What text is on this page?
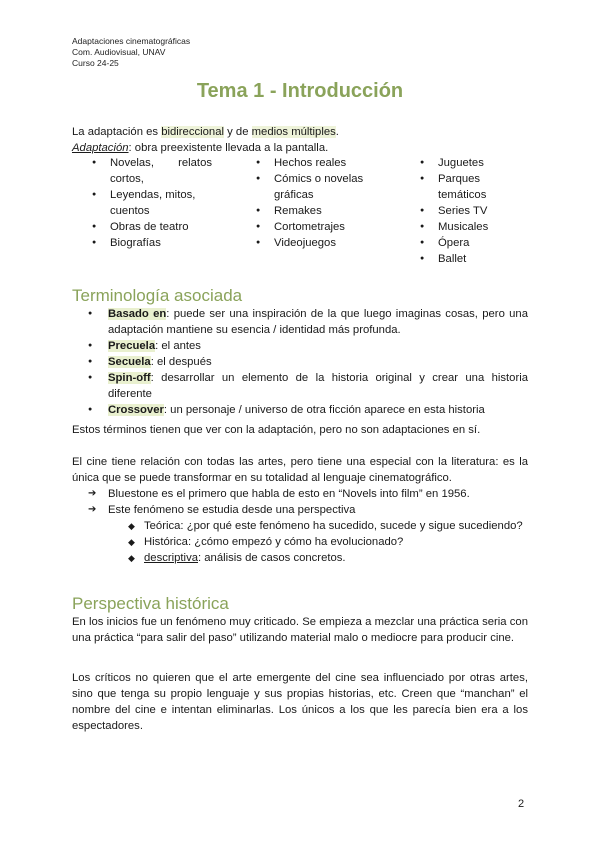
Adaptaciones cinematográficas
Com. Audiovisual, UNAV
Curso 24-25
Tema 1 - Introducción
La adaptación es bidireccional y de medios múltiples.
Adaptación: obra preexistente llevada a la pantalla.
● Novelas, relatos cortos,
● Leyendas, mitos, cuentos
● Obras de teatro
● Biografías
● Hechos reales
● Cómics o novelas gráficas
● Remakes
● Cortometrajes
● Videojuegos
● Juguetes
● Parques temáticos
● Series TV
● Musicales
● Ópera
● Ballet
Terminología asociada
● Basado en: puede ser una inspiración de la que luego imaginas cosas, pero una adaptación mantiene su esencia / identidad más profunda.
● Precuela: el antes
● Secuela: el después
● Spin-off: desarrollar un elemento de la historia original y crear una historia diferente
● Crossover: un personaje / universo de otra ficción aparece en esta historia
Estos términos tienen que ver con la adaptación, pero no son adaptaciones en sí.
El cine tiene relación con todas las artes, pero tiene una especial con la literatura: es la única que se puede transformar en su totalidad al lenguaje cinematográfico.
➔ Bluestone es el primero que habla de esto en “Novels into film” en 1956.
➔ Este fenómeno se estudia desde una perspectiva
◆ Teórica: ¿por qué este fenómeno ha sucedido, sucede y sigue sucediendo?
◆ Histórica: ¿cómo empezó y cómo ha evolucionado?
◆ descriptiva: análisis de casos concretos.
Perspectiva histórica
En los inicios fue un fenómeno muy criticado. Se empieza a mezclar una práctica seria con una práctica “para salir del paso” utilizando material malo o mediocre para producir cine.
Los críticos no quieren que el arte emergente del cine sea influenciado por otras artes, sino que tenga su propio lenguaje y sus propias historias, etc. Creen que “manchan” el nombre del cine e intentan eliminarlas. Los únicos a los que les parecía bien era a los espectadores.
2
